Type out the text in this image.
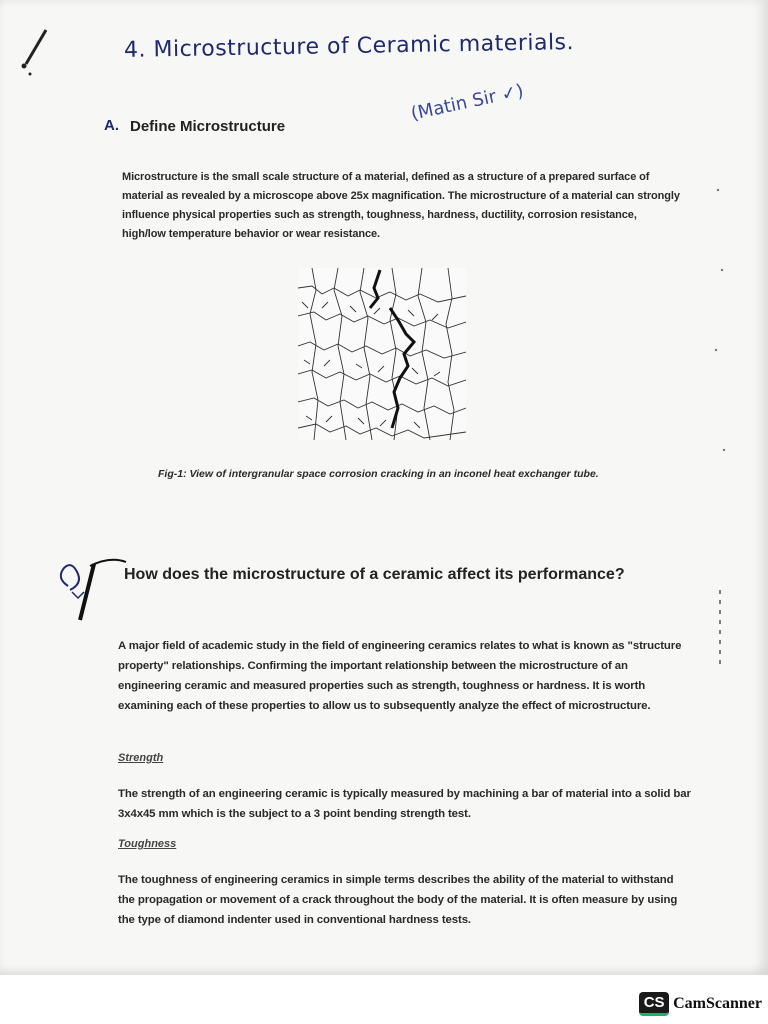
4. Microstructure of Ceramic materials.
(Matin Sir ✓)
A. Define Microstructure
Microstructure is the small scale structure of a material, defined as a structure of a prepared surface of material as revealed by a microscope above 25x magnification. The microstructure of a material can strongly influence physical properties such as strength, toughness, hardness, ductility, corrosion resistance, high/low temperature behavior or wear resistance.
Fig-1: View of intergranular space corrosion cracking in an inconel heat exchanger tube.
How does the microstructure of a ceramic affect its performance?
A major field of academic study in the field of engineering ceramics relates to what is known as "structure property" relationships. Confirming the important relationship between the microstructure of an engineering ceramic and measured properties such as strength, toughness or hardness. It is worth examining each of these properties to allow us to subsequently analyze the effect of microstructure.
Strength
The strength of an engineering ceramic is typically measured by machining a bar of material into a solid bar 3x4x45 mm which is the subject to a 3 point bending strength test.
Toughness
The toughness of engineering ceramics in simple terms describes the ability of the material to withstand the propagation or movement of a crack throughout the body of the material. It is often measure by using the type of diamond indenter used in conventional hardness tests.
CS CamScanner
